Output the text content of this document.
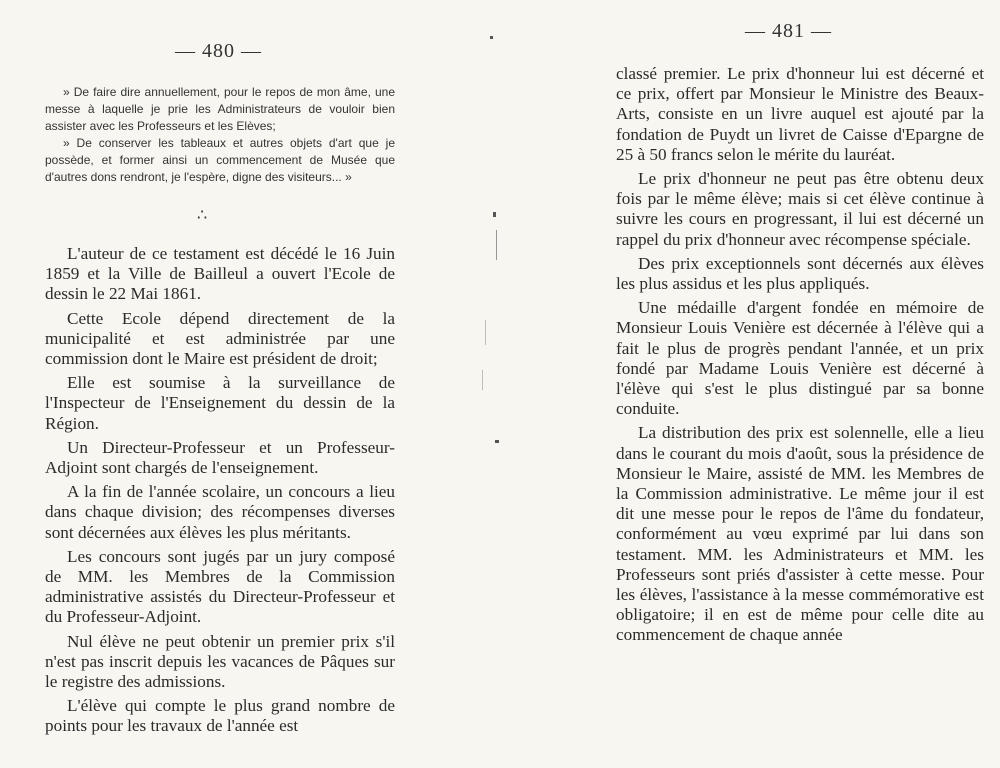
— 480 —

» De faire dire annuellement, pour le repos de mon âme, une messe à laquelle je prie les Administrateurs de vouloir bien assister avec les Professeurs et les Elèves;

» De conserver les tableaux et autres objets d'art que je possède, et former ainsi un commencement de Musée que d'autres dons rendront, je l'espère, digne des visiteurs... »

∴

L'auteur de ce testament est décédé le 16 Juin 1859 et la Ville de Bailleul a ouvert l'Ecole de dessin le 22 Mai 1861.

Cette Ecole dépend directement de la municipalité et est administrée par une commission dont le Maire est président de droit;

Elle est soumise à la surveillance de l'Inspecteur de l'Enseignement du dessin de la Région.

Un Directeur-Professeur et un Professeur-Adjoint sont chargés de l'enseignement.

A la fin de l'année scolaire, un concours a lieu dans chaque division; des récompenses diverses sont décernées aux élèves les plus méritants.

Les concours sont jugés par un jury composé de MM. les Membres de la Commission administrative assistés du Directeur-Professeur et du Professeur-Adjoint.

Nul élève ne peut obtenir un premier prix s'il n'est pas inscrit depuis les vacances de Pâques sur le registre des admissions.

L'élève qui compte le plus grand nombre de points pour les travaux de l'année est

— 481 —

classé premier. Le prix d'honneur lui est décerné et ce prix, offert par Monsieur le Ministre des Beaux-Arts, consiste en un livre auquel est ajouté par la fondation de Puydt un livret de Caisse d'Epargne de 25 à 50 francs selon le mérite du lauréat.

Le prix d'honneur ne peut pas être obtenu deux fois par le même élève; mais si cet élève continue à suivre les cours en progressant, il lui est décerné un rappel du prix d'honneur avec récompense spéciale.

Des prix exceptionnels sont décernés aux élèves les plus assidus et les plus appliqués.

Une médaille d'argent fondée en mémoire de Monsieur Louis Venière est décernée à l'élève qui a fait le plus de progrès pendant l'année, et un prix fondé par Madame Louis Venière est décerné à l'élève qui s'est le plus distingué par sa bonne conduite.

La distribution des prix est solennelle, elle a lieu dans le courant du mois d'août, sous la présidence de Monsieur le Maire, assisté de MM. les Membres de la Commission administrative. Le même jour il est dit une messe pour le repos de l'âme du fondateur, conformément au vœu exprimé par lui dans son testament. MM. les Administrateurs et MM. les Professeurs sont priés d'assister à cette messe. Pour les élèves, l'assistance à la messe commémorative est obligatoire; il en est de même pour celle dite au commencement de chaque année
